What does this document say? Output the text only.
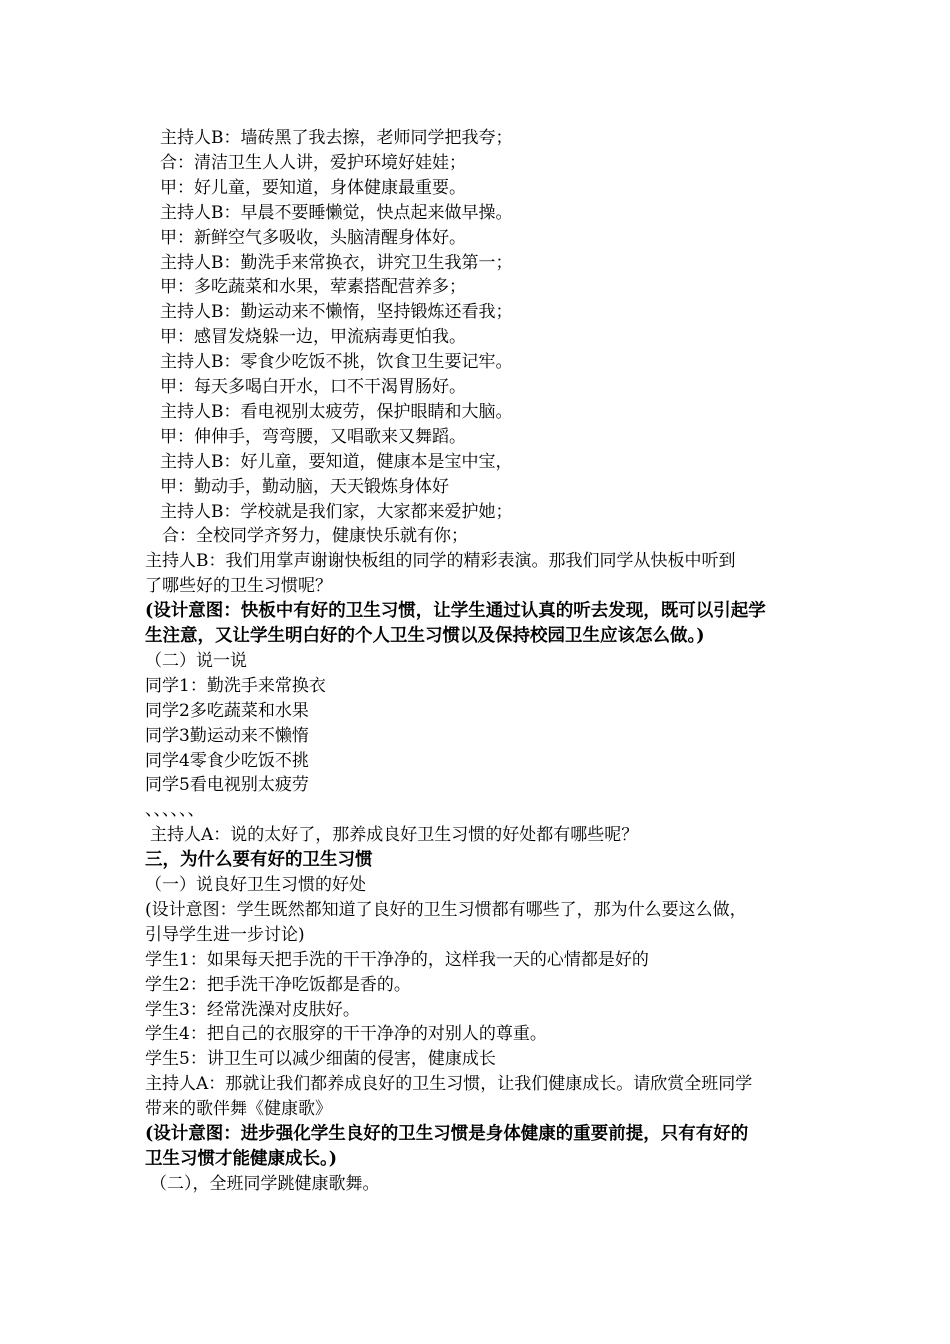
主持人B：墙砖黑了我去擦，老师同学把我夸；
合：清洁卫生人人讲，爱护环境好娃娃；
甲：好儿童，要知道，身体健康最重要。
主持人B：早晨不要睡懒觉，快点起来做早操。
甲：新鲜空气多吸收，头脑清醒身体好。
主持人B：勤洗手来常换衣，讲究卫生我第一；
甲：多吃蔬菜和水果，荤素搭配营养多；
主持人B：勤运动来不懒惰，坚持锻炼还看我；
甲：感冒发烧躲一边，甲流病毒更怕我。
主持人B：零食少吃饭不挑，饮食卫生要记牢。
甲：每天多喝白开水，口不干渴胃肠好。
主持人B：看电视别太疲劳，保护眼睛和大脑。
甲：伸伸手，弯弯腰，又唱歌来又舞蹈。
主持人B：好儿童，要知道，健康本是宝中宝，
甲：勤动手，勤动脑，天天锻炼身体好
主持人B：学校就是我们家，大家都来爱护她；
合：全校同学齐努力，健康快乐就有你；
主持人B：我们用掌声谢谢快板组的同学的精彩表演。那我们同学从快板中听到
了哪些好的卫生习惯呢？
(设计意图：快板中有好的卫生习惯，让学生通过认真的听去发现，既可以引起学
生注意，又让学生明白好的个人卫生习惯以及保持校园卫生应该怎么做。)
（二）说一说
同学1：勤洗手来常换衣
同学2多吃蔬菜和水果
同学3勤运动来不懒惰
同学4零食少吃饭不挑
同学5看电视别太疲劳
、、、、、、
主持人A：说的太好了，那养成良好卫生习惯的好处都有哪些呢？
三，为什么要有好的卫生习惯
（一）说良好卫生习惯的好处
(设计意图：学生既然都知道了良好的卫生习惯都有哪些了，那为什么要这么做，
引导学生进一步讨论)
学生1：如果每天把手洗的干干净净的，这样我一天的心情都是好的
学生2：把手洗干净吃饭都是香的。
学生3：经常洗澡对皮肤好。
学生4：把自己的衣服穿的干干净净的对别人的尊重。
学生5：讲卫生可以减少细菌的侵害，健康成长
主持人A：那就让我们都养成良好的卫生习惯，让我们健康成长。请欣赏全班同学
带来的歌伴舞《健康歌》
(设计意图：进步强化学生良好的卫生习惯是身体健康的重要前提，只有有好的
卫生习惯才能健康成长。)
（二），全班同学跳健康歌舞。
